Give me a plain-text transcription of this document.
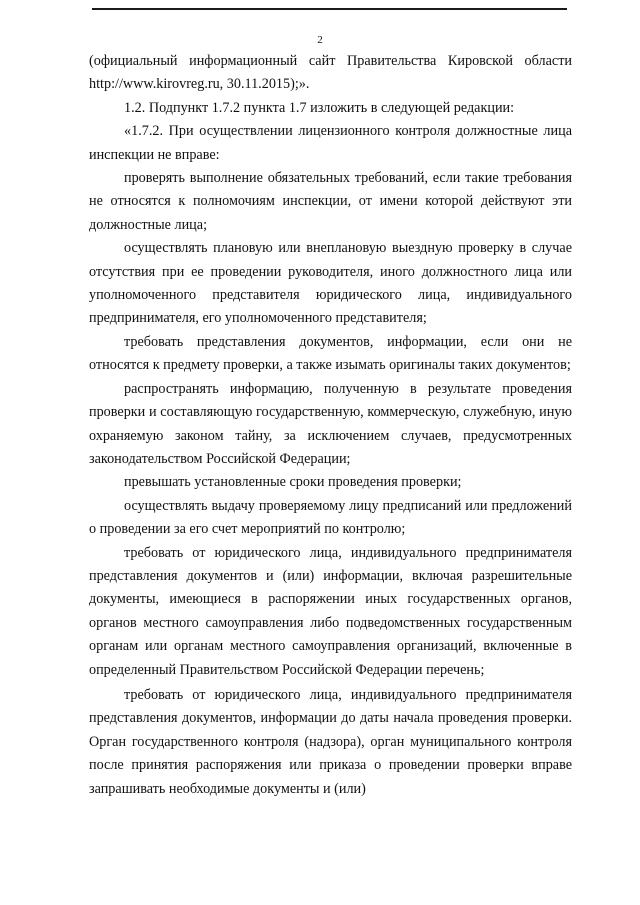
2

(официальный информационный сайт Правительства Кировской области http://www.kirovreg.ru, 30.11.2015);».

1.2. Подпункт 1.7.2 пункта 1.7 изложить в следующей редакции:

«1.7.2. При осуществлении лицензионного контроля должностные лица инспекции не вправе:

проверять выполнение обязательных требований, если такие требования не относятся к полномочиям инспекции, от имени которой действуют эти должностные лица;

осуществлять плановую или внеплановую выездную проверку в случае отсутствия при ее проведении руководителя, иного должностного лица или уполномоченного представителя юридического лица, индивидуального предпринимателя, его уполномоченного представителя;

требовать представления документов, информации, если они не относятся к предмету проверки, а также изымать оригиналы таких документов;

распространять информацию, полученную в результате проведения проверки и составляющую государственную, коммерческую, служебную, иную охраняемую законом тайну, за исключением случаев, предусмотренных законодательством Российской Федерации;

превышать установленные сроки проведения проверки;

осуществлять выдачу проверяемому лицу предписаний или предложений о проведении за его счет мероприятий по контролю;

требовать от юридического лица, индивидуального предпринимателя представления документов и (или) информации, включая разрешительные документы, имеющиеся в распоряжении иных государственных органов, органов местного самоуправления либо подведомственных государственным органам или органам местного самоуправления организаций, включенные в определенный Правительством Российской Федерации перечень;

требовать от юридического лица, индивидуального предпринимателя представления документов, информации до даты начала проведения проверки. Орган государственного контроля (надзора), орган муниципального контроля после принятия распоряжения или приказа о проведении проверки вправе запрашивать необходимые документы и (или)
